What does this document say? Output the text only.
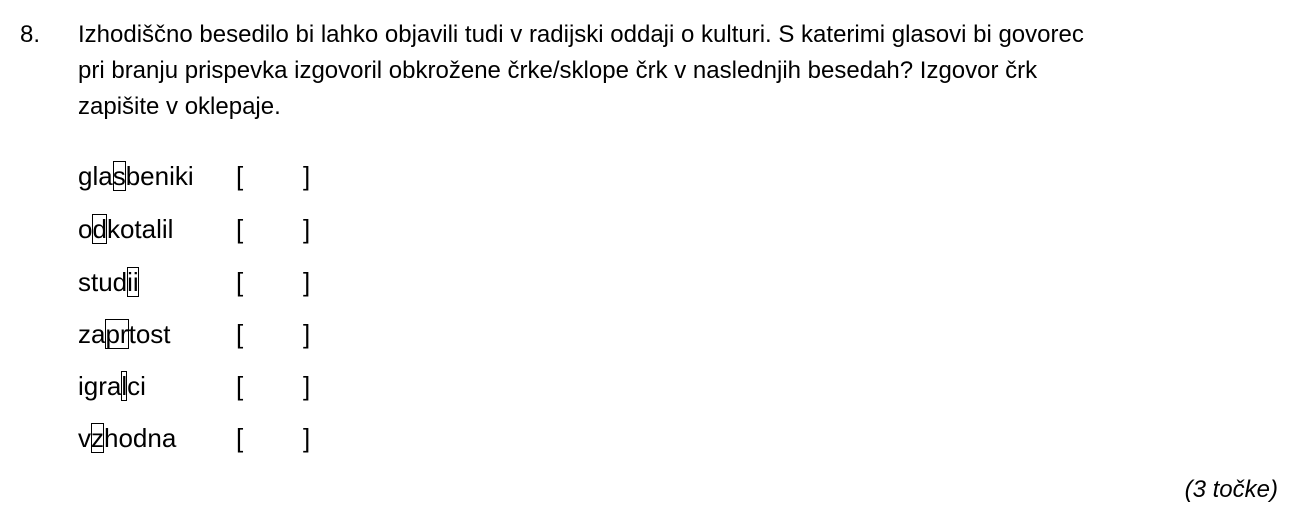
8. Izhodiščno besedilo bi lahko objavili tudi v radijski oddaji o kulturi. S katerimi glasovi bi govorec
pri branju prispevka izgovoril obkrožene črke/sklope črk v naslednjih besedah? Izgovor črk
zapišite v oklepaje.
glasbeniki [ ]
odkotalil [ ]
studii	[ ]
zaprtost	[ ]
igralci	[ ]
vzhodna [ ]
(3 točke)
